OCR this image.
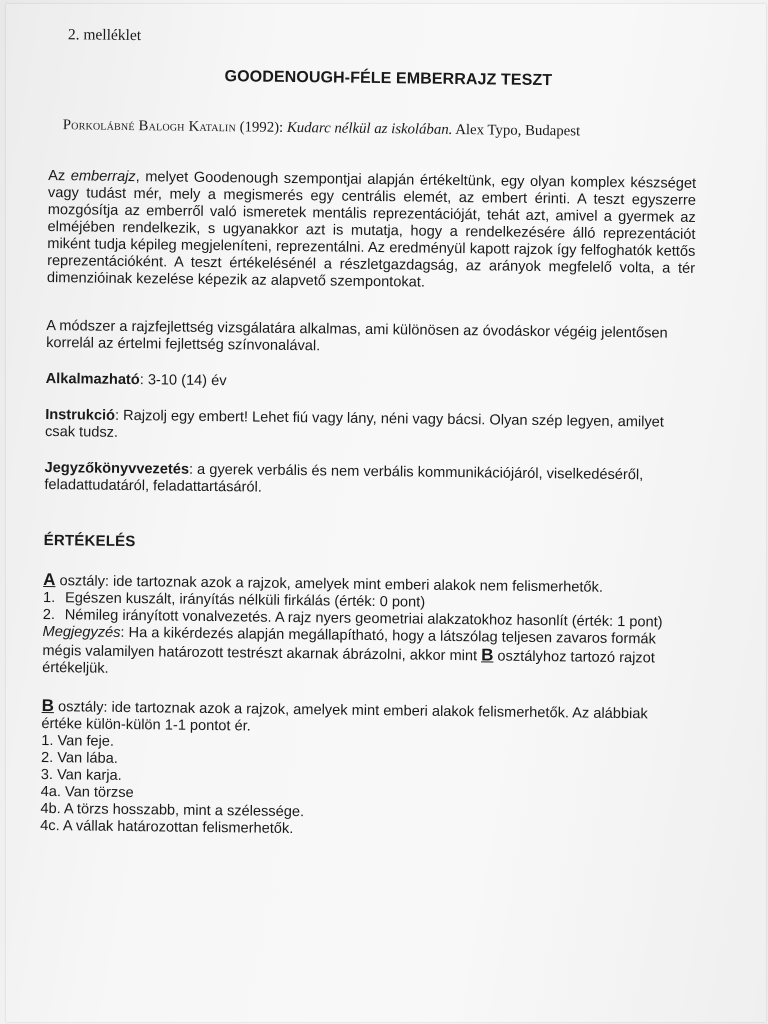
2. melléklet
GOODENOUGH-FÉLE EMBERRAJZ TESZT
Porkolábné Balogh Katalin (1992): Kudarc nélkül az iskolában. Alex Typo, Budapest
Az emberrajz, melyet Goodenough szempontjai alapján értékeltünk, egy olyan komplex készséget vagy tudást mér, mely a megismerés egy centrális elemét, az embert érinti. A teszt egyszerre mozgósítja az emberről való ismeretek mentális reprezentációját, tehát azt, amivel a gyermek az elméjében rendelkezik, s ugyanakkor azt is mutatja, hogy a rendelkezésére álló reprezentációt miként tudja képileg megjeleníteni, reprezentálni. Az eredményül kapott rajzok így felfoghatók kettős reprezentációként. A teszt értékelésénél a részletgazdagság, az arányok megfelelő volta, a tér dimenzióinak kezelése képezik az alapvető szempontokat.
A módszer a rajzfejlettség vizsgálatára alkalmas, ami különösen az óvodáskor végéig jelentősen korrelál az értelmi fejlettség színvonalával.
Alkalmazható: 3-10 (14) év
Instrukció: Rajzolj egy embert! Lehet fiú vagy lány, néni vagy bácsi. Olyan szép legyen, amilyet csak tudsz.
Jegyzőkönyvvezetés: a gyerek verbális és nem verbális kommunikációjáról, viselkedéséről, feladattudatáról, feladattartásáról.
ÉRTÉKELÉS
A osztály: ide tartoznak azok a rajzok, amelyek mint emberi alakok nem felismerhetők.
1. Egészen kuszált, irányítás nélküli firkálás (érték: 0 pont)
2. Némileg irányított vonalvezetés. A rajz nyers geometriai alakzatokhoz hasonlít (érték: 1 pont)
Megjegyzés: Ha a kikérdezés alapján megállapítható, hogy a látszólag teljesen zavaros formák mégis valamilyen határozott testrészt akarnak ábrázolni, akkor mint B osztályhoz tartozó rajzot értékeljük.
B osztály: ide tartoznak azok a rajzok, amelyek mint emberi alakok felismerhetők. Az alábbiak értéke külön-külön 1-1 pontot ér.
1. Van feje.
2. Van lába.
3. Van karja.
4a. Van törzse
4b. A törzs hosszabb, mint a szélessége.
4c. A vállak határozottan felismerhetők.
